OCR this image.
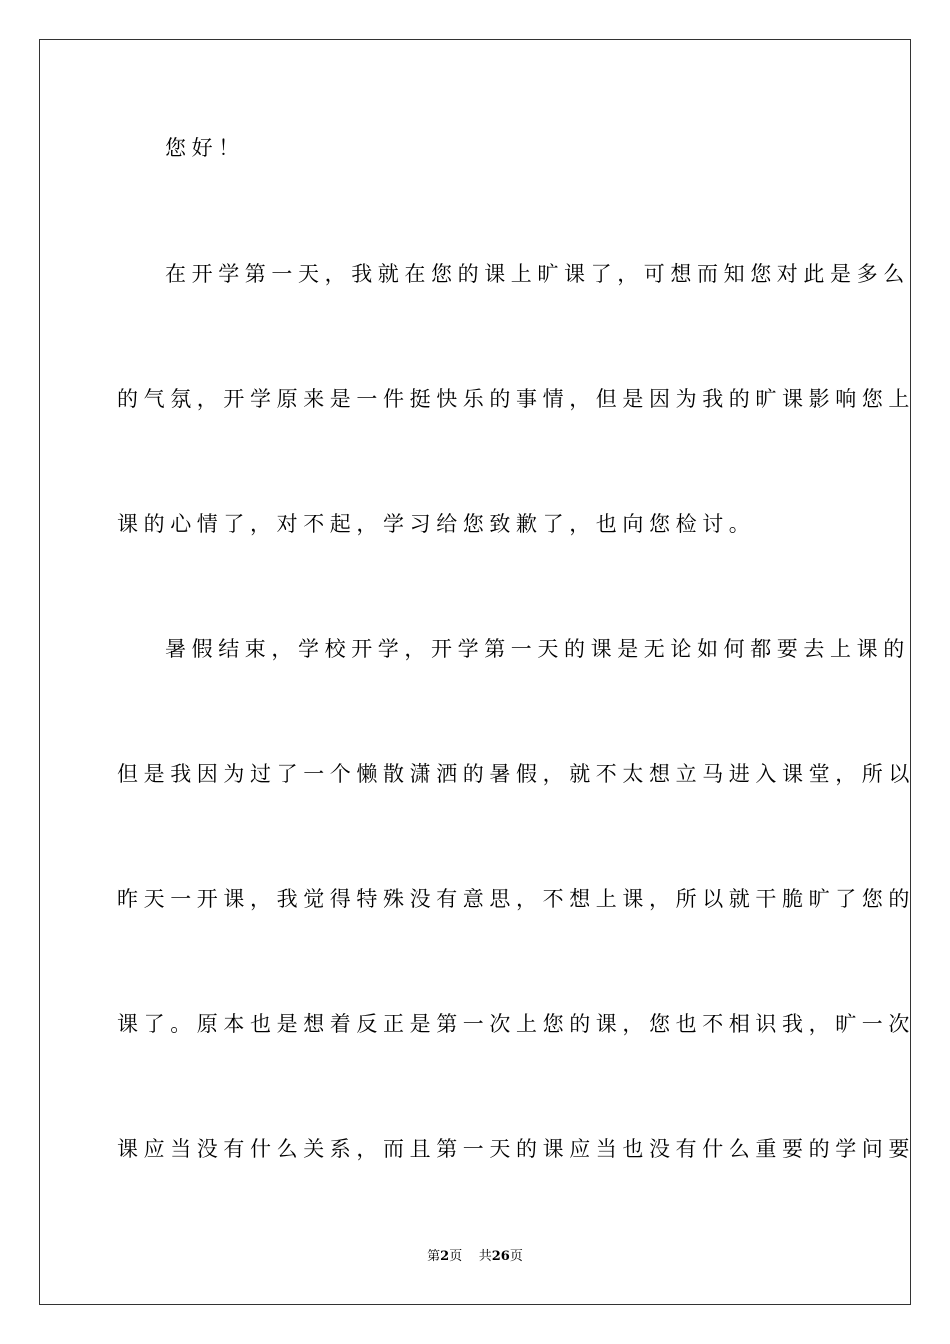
您好！
在开学第一天，我就在您的课上旷课了，可想而知您对此是多么
的气氛，开学原来是一件挺快乐的事情，但是因为我的旷课影响您上
课的心情了，对不起，学习给您致歉了，也向您检讨。
暑假结束，学校开学，开学第一天的课是无论如何都要去上课的
但是我因为过了一个懒散潇洒的暑假，就不太想立马进入课堂，所以
昨天一开课，我觉得特殊没有意思，不想上课，所以就干脆旷了您的
课了。原本也是想着反正是第一次上您的课，您也不相识我，旷一次
课应当没有什么关系，而且第一天的课应当也没有什么重要的学问要
第2页 共26页
